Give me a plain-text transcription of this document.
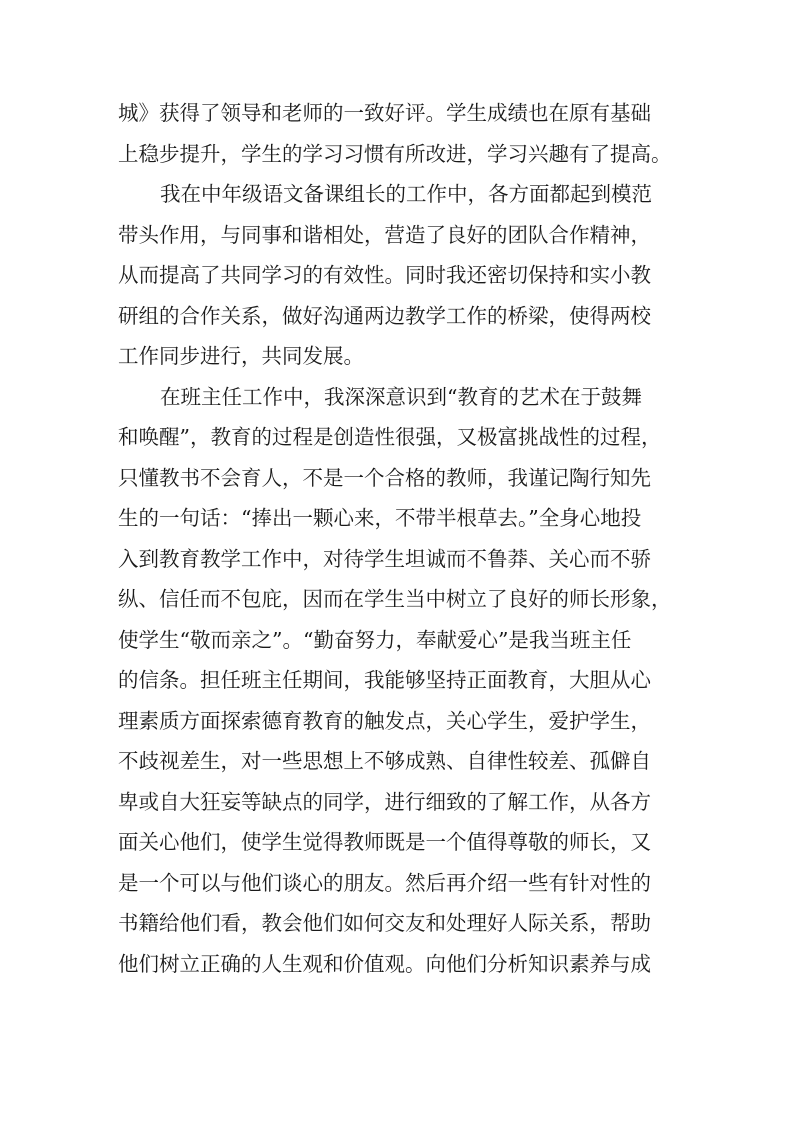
城》获得了领导和老师的一致好评。学生成绩也在原有基础
上稳步提升，学生的学习习惯有所改进，学习兴趣有了提高。
我在中年级语文备课组长的工作中，各方面都起到模范
带头作用，与同事和谐相处，营造了良好的团队合作精神，
从而提高了共同学习的有效性。同时我还密切保持和实小教
研组的合作关系，做好沟通两边教学工作的桥梁，使得两校
工作同步进行，共同发展。
在班主任工作中，我深深意识到“教育的艺术在于鼓舞
和唤醒”，教育的过程是创造性很强，又极富挑战性的过程，
只懂教书不会育人，不是一个合格的教师，我谨记陶行知先
生的一句话：“捧出一颗心来，不带半根草去。”全身心地投
入到教育教学工作中，对待学生坦诚而不鲁莽、关心而不骄
纵、信任而不包庇，因而在学生当中树立了良好的师长形象，
使学生“敬而亲之”。“勤奋努力，奉献爱心”是我当班主任
的信条。担任班主任期间，我能够坚持正面教育，大胆从心
理素质方面探索德育教育的触发点，关心学生，爱护学生，
不歧视差生，对一些思想上不够成熟、自律性较差、孤僻自
卑或自大狂妄等缺点的同学，进行细致的了解工作，从各方
面关心他们，使学生觉得教师既是一个值得尊敬的师长，又
是一个可以与他们谈心的朋友。然后再介绍一些有针对性的
书籍给他们看，教会他们如何交友和处理好人际关系，帮助
他们树立正确的人生观和价值观。向他们分析知识素养与成
